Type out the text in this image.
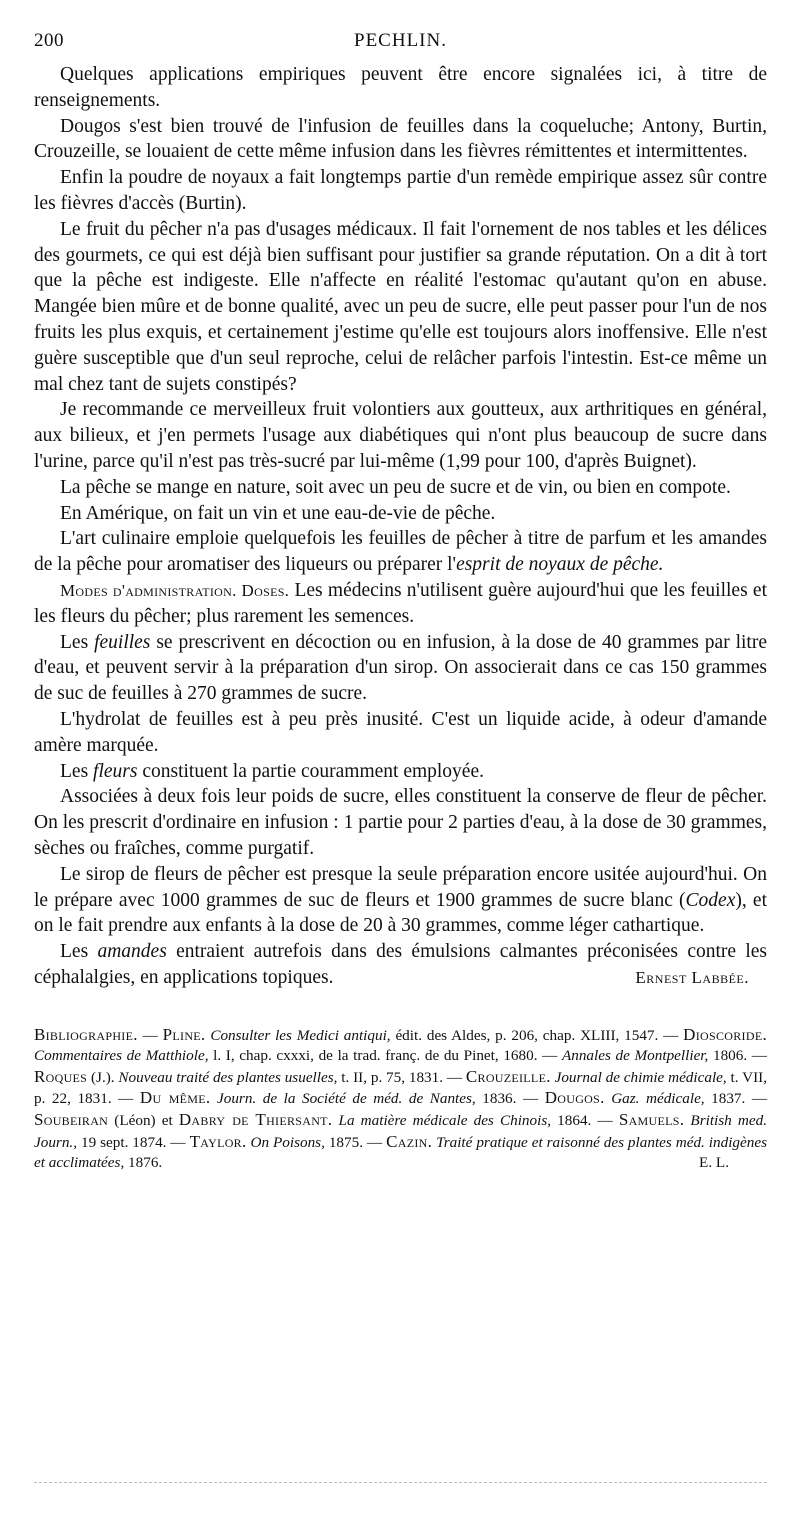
200	PECHLIN.

Quelques applications empiriques peuvent être encore signalées ici, à titre de renseignements.

Dougos s'est bien trouvé de l'infusion de feuilles dans la coqueluche; Antony, Burtin, Crouzeille, se louaient de cette même infusion dans les fièvres rémittentes et intermittentes.

Enfin la poudre de noyaux a fait longtemps partie d'un remède empirique assez sûr contre les fièvres d'accès (Burtin).

Le fruit du pêcher n'a pas d'usages médicaux. Il fait l'ornement de nos tables et les délices des gourmets, ce qui est déjà bien suffisant pour justifier sa grande réputation. On a dit à tort que la pêche est indigeste. Elle n'affecte en réalité l'estomac qu'autant qu'on en abuse. Mangée bien mûre et de bonne qualité, avec un peu de sucre, elle peut passer pour l'un de nos fruits les plus exquis, et certainement j'estime qu'elle est toujours alors inoffensive. Elle n'est guère susceptible que d'un seul reproche, celui de relâcher parfois l'intestin. Est-ce même un mal chez tant de sujets constipés?

Je recommande ce merveilleux fruit volontiers aux goutteux, aux arthritiques en général, aux bilieux, et j'en permets l'usage aux diabétiques qui n'ont plus beaucoup de sucre dans l'urine, parce qu'il n'est pas très-sucré par lui-même (1,99 pour 100, d'après Buignet).

La pêche se mange en nature, soit avec un peu de sucre et de vin, ou bien en compote.

En Amérique, on fait un vin et une eau-de-vie de pêche.

L'art culinaire emploie quelquefois les feuilles de pêcher à titre de parfum et les amandes de la pêche pour aromatiser des liqueurs ou préparer l'esprit de noyaux de pêche.

Modes d'administration. Doses. Les médecins n'utilisent guère aujourd'hui que les feuilles et les fleurs du pêcher; plus rarement les semences.

Les feuilles se prescrivent en décoction ou en infusion, à la dose de 40 grammes par litre d'eau, et peuvent servir à la préparation d'un sirop. On associerait dans ce cas 150 grammes de suc de feuilles à 270 grammes de sucre.

L'hydrolat de feuilles est à peu près inusité. C'est un liquide acide, à odeur d'amande amère marquée.

Les fleurs constituent la partie couramment employée.

Associées à deux fois leur poids de sucre, elles constituent la conserve de fleur de pêcher. On les prescrit d'ordinaire en infusion : 1 partie pour 2 parties d'eau, à la dose de 30 grammes, sèches ou fraîches, comme purgatif.

Le sirop de fleurs de pêcher est presque la seule préparation encore usitée aujourd'hui. On le prépare avec 1000 grammes de suc de fleurs et 1900 grammes de sucre blanc (Codex), et on le fait prendre aux enfants à la dose de 20 à 30 grammes, comme léger cathartique.

Les amandes entraient autrefois dans des émulsions calmantes préconisées contre les céphalalgies, en applications topiques.	Ernest Labbée.

Bibliographie. — Pline. Consulter les Medici antiqui, édit. des Aldes, p. 206, chap. XLIII, 1547. — Dioscoride. Commentaires de Matthiole, l. I, chap. cxxxi, de la trad. franç. de du Pinet, 1680. — Annales de Montpellier, 1806. — Roques (J.). Nouveau traité des plantes usuelles, t. II, p. 75, 1831. — Crouzeille. Journal de chimie médicale, t. VII, p. 22, 1831. — Du même. Journ. de la Société de méd. de Nantes, 1836. — Dougos. Gaz. médicale, 1837. — Soubeiran (Léon) et Dabry de Thiersant. La matière médicale des Chinois, 1864. — Samuels. British med. Journ., 19 sept. 1874. — Taylor. On Poisons, 1875. — Cazin. Traité pratique et raisonné des plantes méd. indigènes et acclimatées, 1876.	E. L.
